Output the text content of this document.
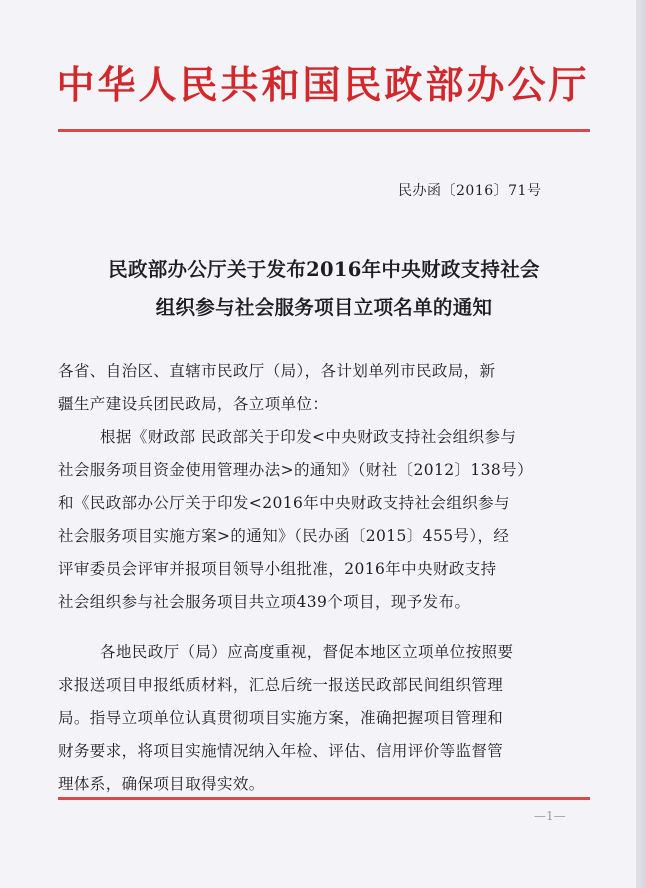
中华人民共和国民政部办公厅
民办函〔2016〕71号
民政部办公厅关于发布2016年中央财政支持社会
组织参与社会服务项目立项名单的通知
各省、自治区、直辖市民政厅（局），各计划单列市民政局，新
疆生产建设兵团民政局，各立项单位：
根据《财政部 民政部关于印发<中央财政支持社会组织参与
社会服务项目资金使用管理办法>的通知》（财社〔2012〕138号）
和《民政部办公厅关于印发<2016年中央财政支持社会组织参与
社会服务项目实施方案>的通知》（民办函〔2015〕455号），经
评审委员会评审并报项目领导小组批准，2016年中央财政支持
社会组织参与社会服务项目共立项439个项目，现予发布。
各地民政厅（局）应高度重视，督促本地区立项单位按照要
求报送项目申报纸质材料，汇总后统一报送民政部民间组织管理
局。指导立项单位认真贯彻项目实施方案，准确把握项目管理和
财务要求，将项目实施情况纳入年检、评估、信用评价等监督管
理体系，确保项目取得实效。
—1—
